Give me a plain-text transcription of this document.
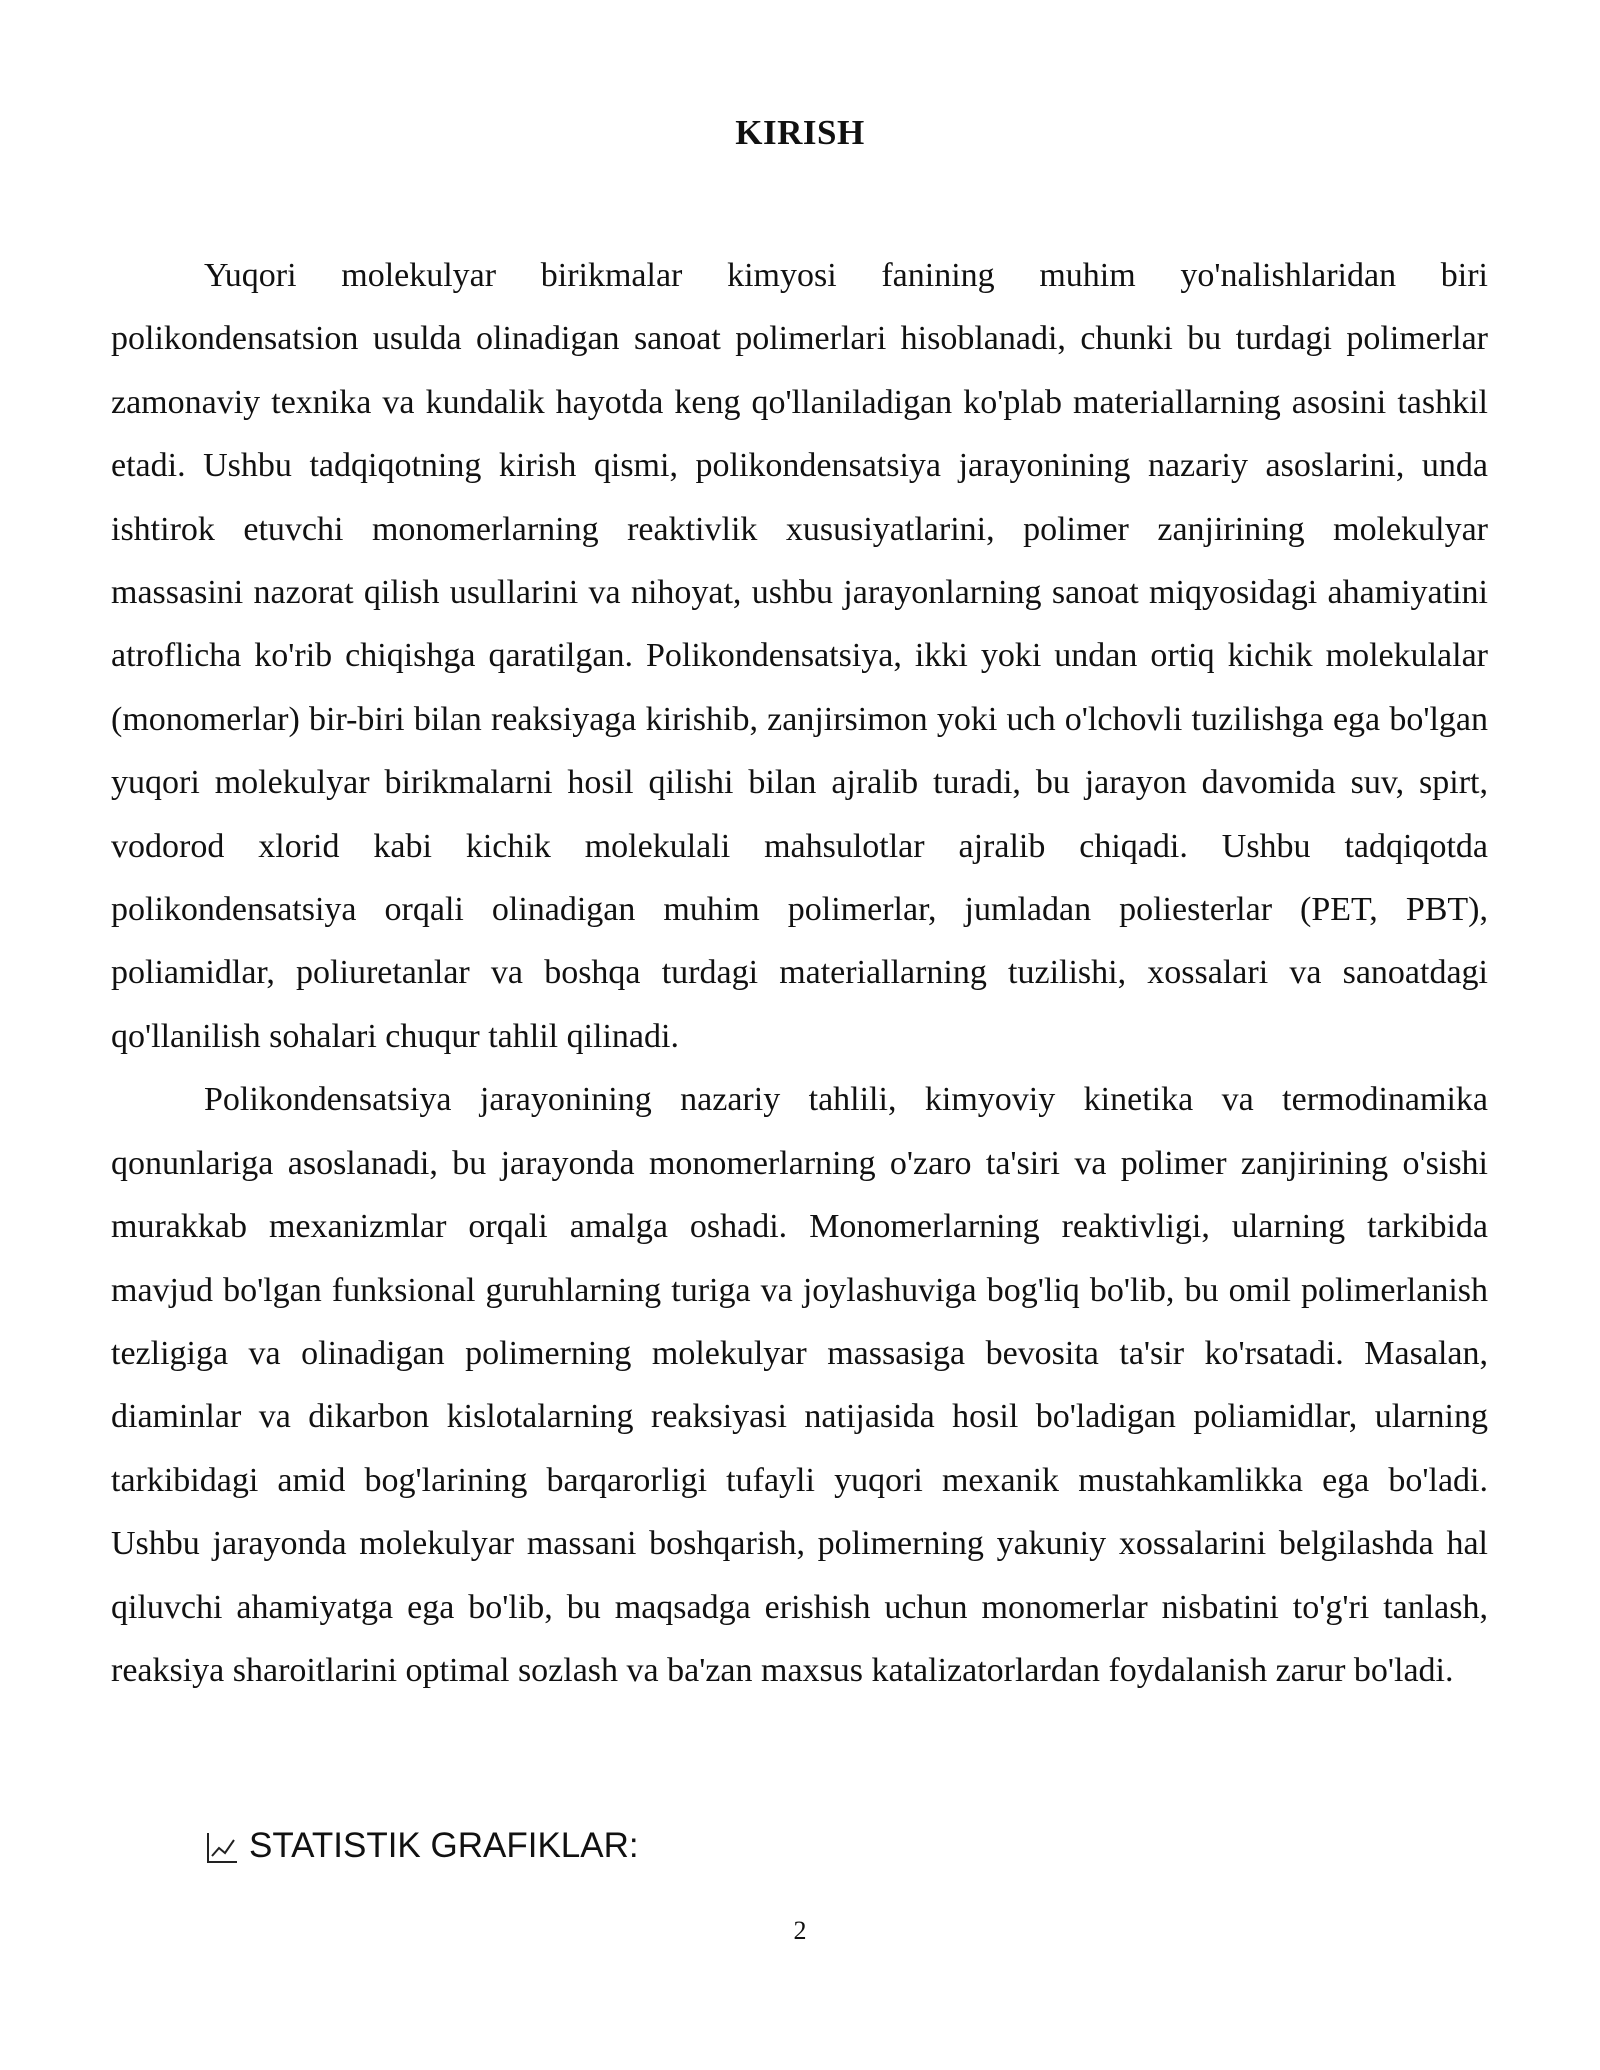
KIRISH

Yuqori molekulyar birikmalar kimyosi fanining muhim yo'nalishlaridan biri polikondensatsion usulda olinadigan sanoat polimerlari hisoblanadi, chunki bu turdagi polimerlar zamonaviy texnika va kundalik hayotda keng qo'llaniladigan ko'plab materiallarning asosini tashkil etadi. Ushbu tadqiqotning kirish qismi, polikondensatsiya jarayonining nazariy asoslarini, unda ishtirok etuvchi monomerlarning reaktivlik xususiyatlarini, polimer zanjirining molekulyar massasini nazorat qilish usullarini va nihoyat, ushbu jarayonlarning sanoat miqyosidagi ahamiyatini atroflicha ko'rib chiqishga qaratilgan. Polikondensatsiya, ikki yoki undan ortiq kichik molekulalar (monomerlar) bir-biri bilan reaksiyaga kirishib, zanjirsimon yoki uch o'lchovli tuzilishga ega bo'lgan yuqori molekulyar birikmalarni hosil qilishi bilan ajralib turadi, bu jarayon davomida suv, spirt, vodorod xlorid kabi kichik molekulali mahsulotlar ajralib chiqadi. Ushbu tadqiqotda polikondensatsiya orqali olinadigan muhim polimerlar, jumladan poliesterlar (PET, PBT), poliamidlar, poliuretanlar va boshqa turdagi materiallarning tuzilishi, xossalari va sanoatdagi qo'llanilish sohalari chuqur tahlil qilinadi.

Polikondensatsiya jarayonining nazariy tahlili, kimyoviy kinetika va termodinamika qonunlariga asoslanadi, bu jarayonda monomerlarning o'zaro ta'siri va polimer zanjirining o'sishi murakkab mexanizmlar orqali amalga oshadi. Monomerlarning reaktivligi, ularning tarkibida mavjud bo'lgan funksional guruhlarning turiga va joylashuviga bog'liq bo'lib, bu omil polimerlanish tezligiga va olinadigan polimerning molekulyar massasiga bevosita ta'sir ko'rsatadi. Masalan, diaminlar va dikarbon kislotalarning reaksiyasi natijasida hosil bo'ladigan poliamidlar, ularning tarkibidagi amid bog'larining barqarorligi tufayli yuqori mexanik mustahkamlikka ega bo'ladi. Ushbu jarayonda molekulyar massani boshqarish, polimerning yakuniy xossalarini belgilashda hal qiluvchi ahamiyatga ega bo'lib, bu maqsadga erishish uchun monomerlar nisbatini to'g'ri tanlash, reaksiya sharoitlarini optimal sozlash va ba'zan maxsus katalizatorlardan foydalanish zarur bo'ladi.

STATISTIK GRAFIKLAR:
2
